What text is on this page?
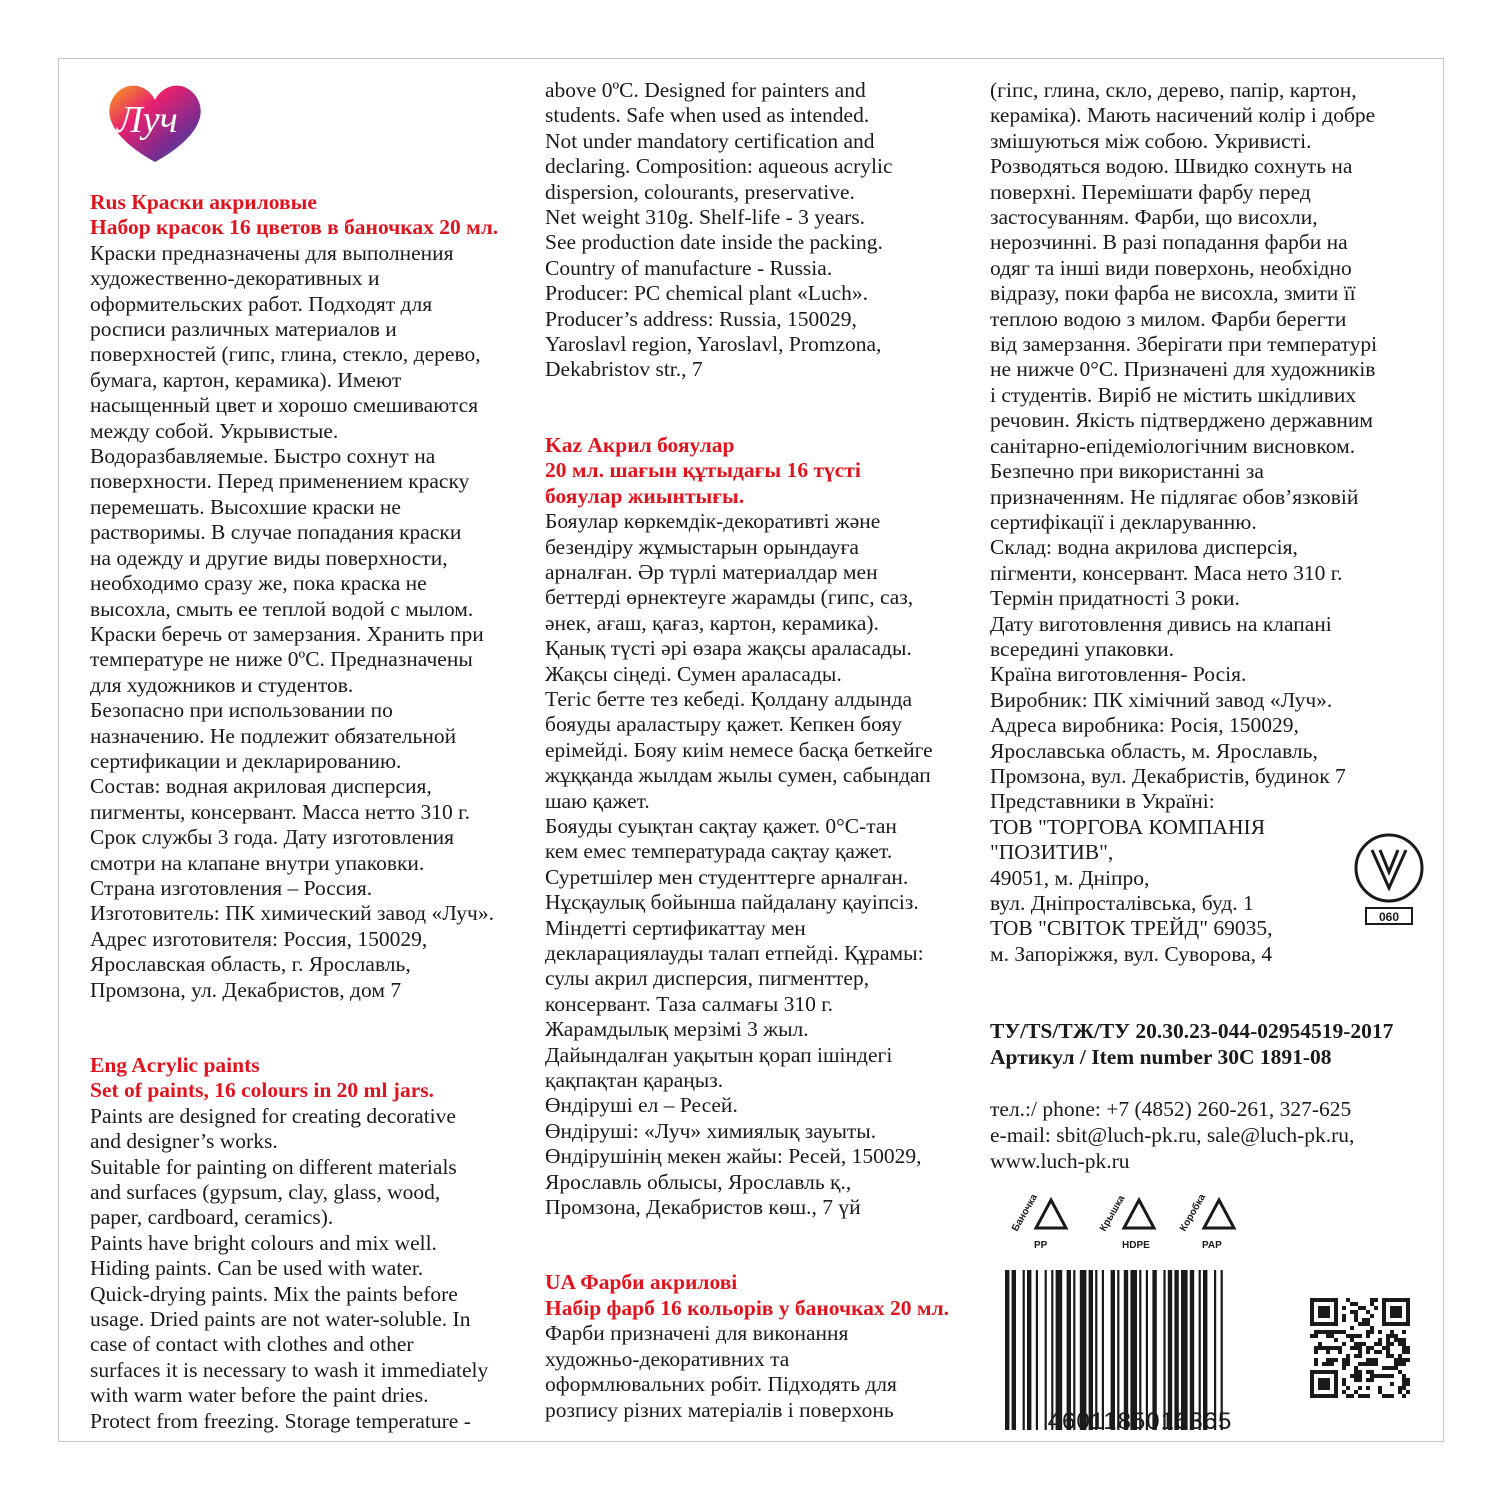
Луч

Rus Краски акриловые

Набор красок 16 цветов в баночках 20 мл.

Краски предназначены для выполнения
художественно-декоративных и
оформительских работ. Подходят для
росписи различных материалов и
поверхностей (гипс, глина, стекло, дерево,
бумага, картон, керамика). Имеют
насыщенный цвет и хорошо смешиваются
между собой. Укрывистые.
Водоразбавляемые. Быстро сохнут на
поверхности. Перед применением краску
перемешать. Высохшие краски не
растворимы. В случае попадания краски
на одежду и другие виды поверхности,
необходимо сразу же, пока краска не
высохла, смыть ее теплой водой с мылом.
Краски беречь от замерзания. Хранить при
температуре не ниже 0ºС. Предназначены
для художников и студентов.
Безопасно при использовании по
назначению. Не подлежит обязательной
сертификации и декларированию.
Состав: водная акриловая дисперсия,
пигменты, консервант. Масса нетто 310 г.
Срок службы 3 года. Дату изготовления
смотри на клапане внутри упаковки.
Страна изготовления – Россия.
Изготовитель: ПК химический завод «Луч».
Адрес изготовителя: Россия, 150029,
Ярославская область, г. Ярославль,
Промзона, ул. Декабристов, дом 7

Eng Acrylic paints

Set of paints, 16 colours in 20 ml jars.

Paints are designed for creating decorative
and designer’s works.
Suitable for painting on different materials
and surfaces (gypsum, clay, glass, wood,
paper, cardboard, ceramics).
Paints have bright colours and mix well.
Hiding paints. Can be used with water.
Quick-drying paints. Mix the paints before
usage. Dried paints are not water-soluble. In
case of contact with clothes and other
surfaces it is necessary to wash it immediately
with warm water before the paint dries.
Protect from freezing. Storage temperature -

above 0ºC. Designed for painters and
students. Safe when used as intended.
Not under mandatory certification and
declaring. Composition: aqueous acrylic
dispersion, colourants, preservative.
Net weight 310g. Shelf-life - 3 years.
See production date inside the packing.
Country of manufacture - Russia.
Producer: PC chemical plant «Luch».
Producer’s address: Russia, 150029,
Yaroslavl region, Yaroslavl, Promzona,
Dekabristov str., 7

Kaz Акрил бояулар

20 мл. шағын құтыдағы 16 түсті
бояулар жиынтығы.

Бояулар көркемдік-декоративті және
безендіру жұмыстарын орындауға
арналған. Әр түрлі материалдар мен
беттерді өрнектеуге жарамды (гипс, саз,
әнек, ағаш, қағаз, картон, керамика).
Қанық түсті әрі өзара жақсы араласады.
Жақсы сіңеді. Сумен араласады.
Тегіс бетте тез кебеді. Қолдану алдында
бояуды араластыру қажет. Кепкен бояу
ерімейді. Бояу киім немесе басқа беткейге
жұққанда жылдам жылы сумен, сабындап
шаю қажет.
Бояуды суықтан сақтау қажет. 0°С-тан
кем емес температурада сақтау қажет.
Суретшілер мен студенттерге арналған.
Нұсқаулық бойынша пайдалану қауіпсіз.
Міндетті сертификаттау мен
декларациялауды талап етпейді. Құрамы:
сулы акрил дисперсия, пигменттер,
консервант. Таза салмағы 310 г.
Жарамдылық мерзімі 3 жыл.
Дайындалған уақытын қорап ішіндегі
қақпақтан қараңыз.
Өндіруші ел – Ресей.
Өндіруші: «Луч» химиялық зауыты.
Өндірушінің мекен жайы: Ресей, 150029,
Ярославль облысы, Ярославль қ.,
Промзона, Декабристов көш., 7 үй

UA Фарби акрилові

Набір фарб 16 кольорів у баночках 20 мл.

Фарби призначені для виконання
художньо-декоративних та
оформлювальних робіт. Підходять для
розпису різних матеріалів і поверхонь

(гіпс, глина, скло, дерево, папір, картон,
кераміка). Мають насичений колір і добре
змішуються між собою. Укривисті.
Розводяться водою. Швидко сохнуть на
поверхні. Перемішати фарбу перед
застосуванням. Фарби, що висохли,
нерозчинні. В разі попадання фарби на
одяг та інші види поверхонь, необхідно
відразу, поки фарба не висохла, змити її
теплою водою з милом. Фарби берегти
від замерзання. Зберігати при температурі
не нижче 0°С. Призначені для художників
і студентів. Виріб не містить шкідливих
речовин. Якість підтверджено державним
санітарно-епідеміологічним висновком.
Безпечно при використанні за
призначенням. Не підлягає обов’язковій
сертифікації і декларуванню.
Склад: водна акрилова дисперсія,
пігменти, консервант. Маса нето 310 г.
Термін придатності 3 роки.
Дату виготовлення дивись на клапані
всередині упаковки.
Країна виготовлення- Росія.
Виробник: ПК хімічний завод «Луч».
Адреса виробника: Росія, 150029,
Ярославська область, м. Ярославль,
Промзона, вул. Декабристів, будинок 7
Представники в Україні:
ТОВ "ТОРГОВА КОМПАНІЯ
"ПОЗИТИВ",
49051, м. Дніпро,
вул. Дніпросталівська, буд. 1
ТОВ "СВІТОК ТРЕЙД" 69035,
м. Запоріжжя, вул. Суворова, 4

060
ТУ/TS/ТЖ/ТУ 20.30.23-044-02954519-2017
Артикул / Item number 30С 1891-08
тел.:/ phone: +7 (4852) 260-261, 327-625
e-mail: sbit@luch-pk.ru, sale@luch-pk.ru,
www.luch-pk.ru
Баночка
PP
Крышка
HDPE
Коробка
PAP
4601185016365
